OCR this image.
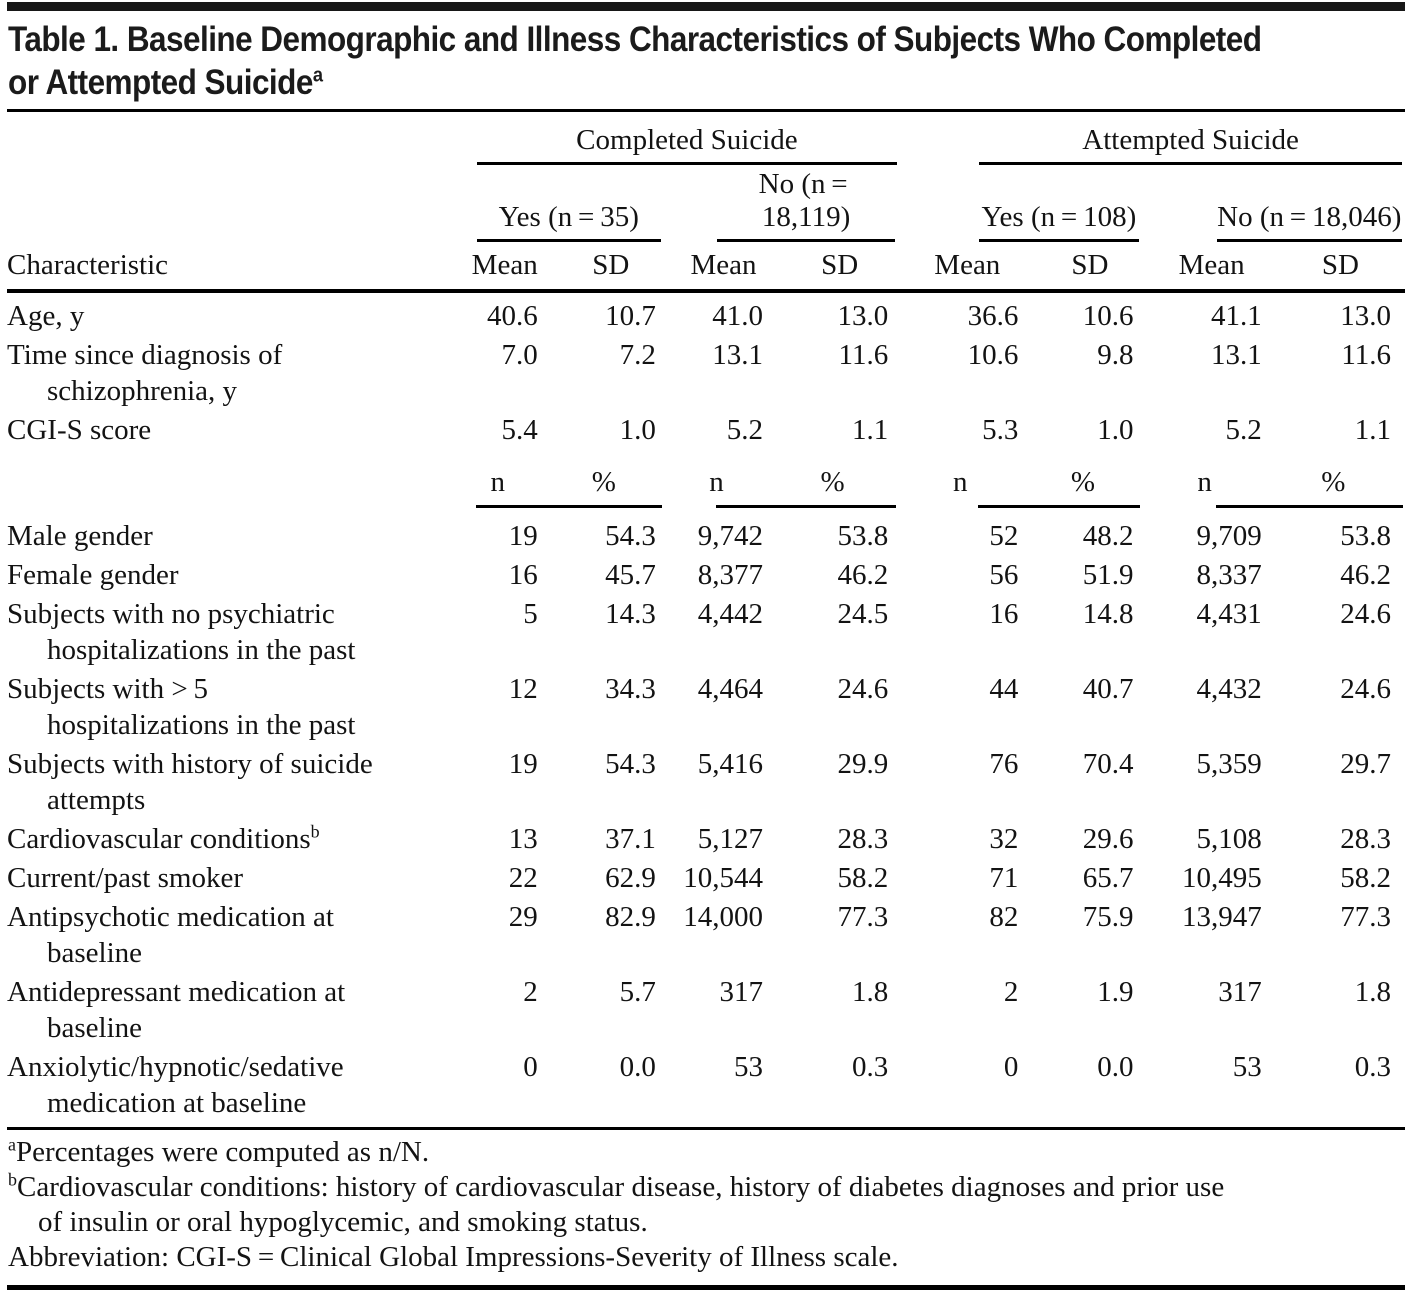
Table 1. Baseline Demographic and Illness Characteristics of Subjects Who Completed
or Attempted Suicide$^a$

	Completed Suicide				Attempted Suicide			

	Yes (n = 35)		No (n = 18,119)		Yes (n = 108)		No (n = 18,046)	

Characteristic	Mean	SD	Mean	SD	Mean	SD	Mean	SD

Age, y	40.6	10.7	41.0	13.0	36.6	10.6	41.1	13.0

Time since diagnosis of
schizophrenia, y	7.0	7.2	13.1	11.6	10.6	9.8	13.1	11.6

CGI-S score	5.4	1.0	5.2	1.1	5.3	1.0	5.2	1.1
	n	%	n	%	n	%	n	%

Male gender	19	54.3	9,742	53.8	52	48.2	9,709	53.8

Female gender	16	45.7	8,377	46.2	56	51.9	8,337	46.2

Subjects with no psychiatric
hospitalizations in the past	5	14.3	4,442	24.5	16	14.8	4,431	24.6

Subjects with > 5
hospitalizations in the past	12	34.3	4,464	24.6	44	40.7	4,432	24.6

Subjects with history of suicide
attempts	19	54.3	5,416	29.9	76	70.4	5,359	29.7

Cardiovascular conditions$^b$	13	37.1	5,127	28.3	32	29.6	5,108	28.3

Current/past smoker	22	62.9	10,544	58.2	71	65.7	10,495	58.2

Antipsychotic medication at
baseline	29	82.9	14,000	77.3	82	75.9	13,947	77.3

Antidepressant medication at
baseline	2	5.7	317	1.8	2	1.9	317	1.8

Anxiolytic/hypnotic/sedative
medication at baseline	0	0.0	53	0.3	0	0.0	53	0.3
$^a$Percentages were computed as n/N.
$^b$Cardiovascular conditions: history of cardiovascular disease, history of diabetes diagnoses and prior use
of insulin or oral hypoglycemic, and smoking status.
Abbreviation: CGI-S = Clinical Global Impressions-Severity of Illness scale.
